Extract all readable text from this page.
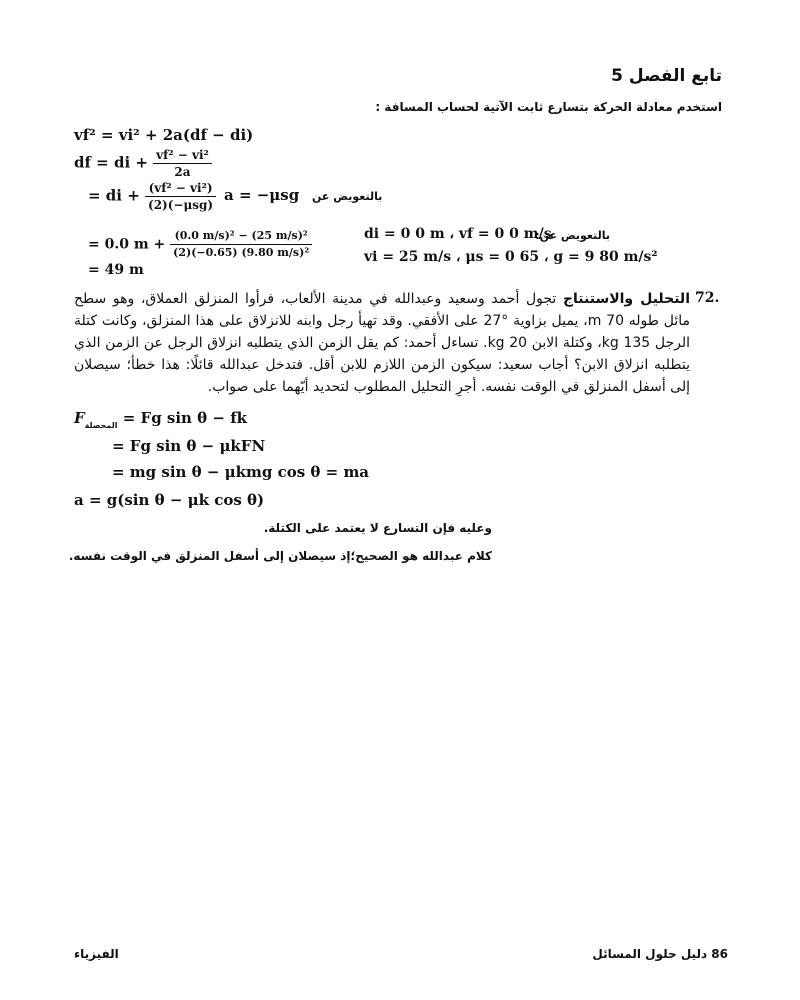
تابع الفصل 5
استخدم معادلة الحركة بتسارع ثابت الآتية لحساب المسافة :
vf² = vi² + 2a(df − di)
df = di + $\frac{\text{vf² − vi²}}{2a}$
= di + $\frac{\text{(vf² − vi²)}}{\text{(2)(−μsg)}}$	بالتعويض عن
a = −μsg
= 0.0 $m + \frac{\text{(0.0 m/s)² − (25 m/s)²}}{\text{(2)(−0.65) (9.80 m/s)²}}$
= 49 m
بالتعويض عن:
di = 0 0 m ، vf = 0 0 m/s
vi = 25 m/s ، μs = 0 65 ، g = 9 80 m/s²
72.
التحليل والاستنتاج تجول أحمد وسعيد وعبدالله في مدينة الألعاب، فرأوا المنزلق العملاق، وهو سطح مائل طوله 70 m، يميل بزاوية °27 على الأفقي. وقد تهيأ رجل وابنه للانزلاق على هذا المنزلق، وكانت كتلة الرجل 135 kg، وكتلة الابن 20 kg. تساءل أحمد: كم يقل الزمن الذي يتطلبه انزلاق الرجل عن الزمن الذي يتطلبه انزلاق الابن؟ أجاب سعيد: سيكون الزمن اللازم للابن أقل. فتدخل عبدالله قائلًا: هذا خطأ؛ سيصلان إلى أسفل المنزلق في الوقت نفسه. أجرِ التحليل المطلوب لتحديد أيّهما على صواب.
$F_{المحصلة} = Fg$ sin θ − fk
= Fg sin θ − μkFN
= mg sin θ − μkmg cos θ = ma
a = g(sin θ − μk cos θ)
وعليه فإن التسارع لا يعتمد على الكتلة.
كلام عبدالله هو الصحيح؛إذ سيصلان إلى أسفل المنزلق في الوقت نفسه.
86 دليل حلول المسائل
الفيزياء
